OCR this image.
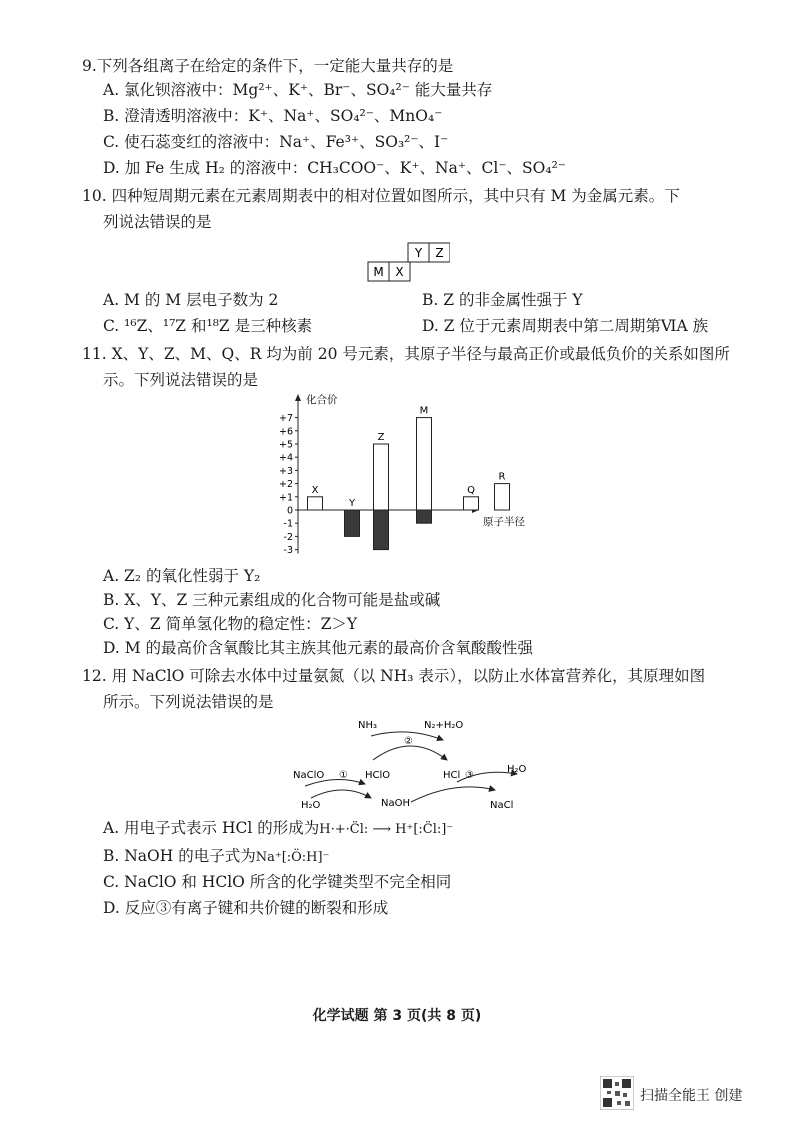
9.下列各组离子在给定的条件下，一定能大量共存的是
A. 氯化钡溶液中：Mg²⁺、K⁺、Br⁻、SO₄²⁻ 能大量共存
B. 澄清透明溶液中：K⁺、Na⁺、SO₄²⁻、MnO₄⁻
C. 使石蕊变红的溶液中：Na⁺、Fe³⁺、SO₃²⁻、I⁻
D. 加 Fe 生成 H₂ 的溶液中：CH₃COO⁻、K⁺、Na⁺、Cl⁻、SO₄²⁻
10. 四种短周期元素在元素周期表中的相对位置如图所示，其中只有 M 为金属元素。下
列说法错误的是
Y Z
M X
A. M 的 M 层电子数为 2	B. Z 的非金属性强于 Y
C. ¹⁶Z、¹⁷Z 和¹⁸Z 是三种核素	D. Z 位于元素周期表中第二周期第ⅥA 族
11. X、Y、Z、M、Q、R 均为前 20 号元素，其原子半径与最高正价或最低负价的关系如图所
示。下列说法错误的是
+7
+6
+5
+4
+3
+2
+1
0
-1
-2
-3
X
Y
Z
M
Q
R
化合价
原子半径
A. Z₂ 的氧化性弱于 Y₂
B. X、Y、Z 三种元素组成的化合物可能是盐或碱
C. Y、Z 简单氢化物的稳定性：Z＞Y
D. M 的最高价含氧酸比其主族其他元素的最高价含氧酸酸性强
12. 用 NaClO 可除去水体中过量氨氮（以 NH₃ 表示），以防止水体富营养化，其原理如图
所示。下列说法错误的是
NH₃	N₂+H₂O
②
NaClO ① HClO	HCl ③
H₂O
H₂O	NaOH	NaCl
A. 用电子式表示 HCl 的形成为H·+·C̈l: ⟶ H⁺[:C̈l:]⁻
B. NaOH 的电子式为Na⁺[:Ö:H]⁻
C. NaClO 和 HClO 所含的化学键类型不完全相同
D. 反应③有离子键和共价键的断裂和形成
化学试题 第 3 页(共 8 页)
扫描全能王 创建
